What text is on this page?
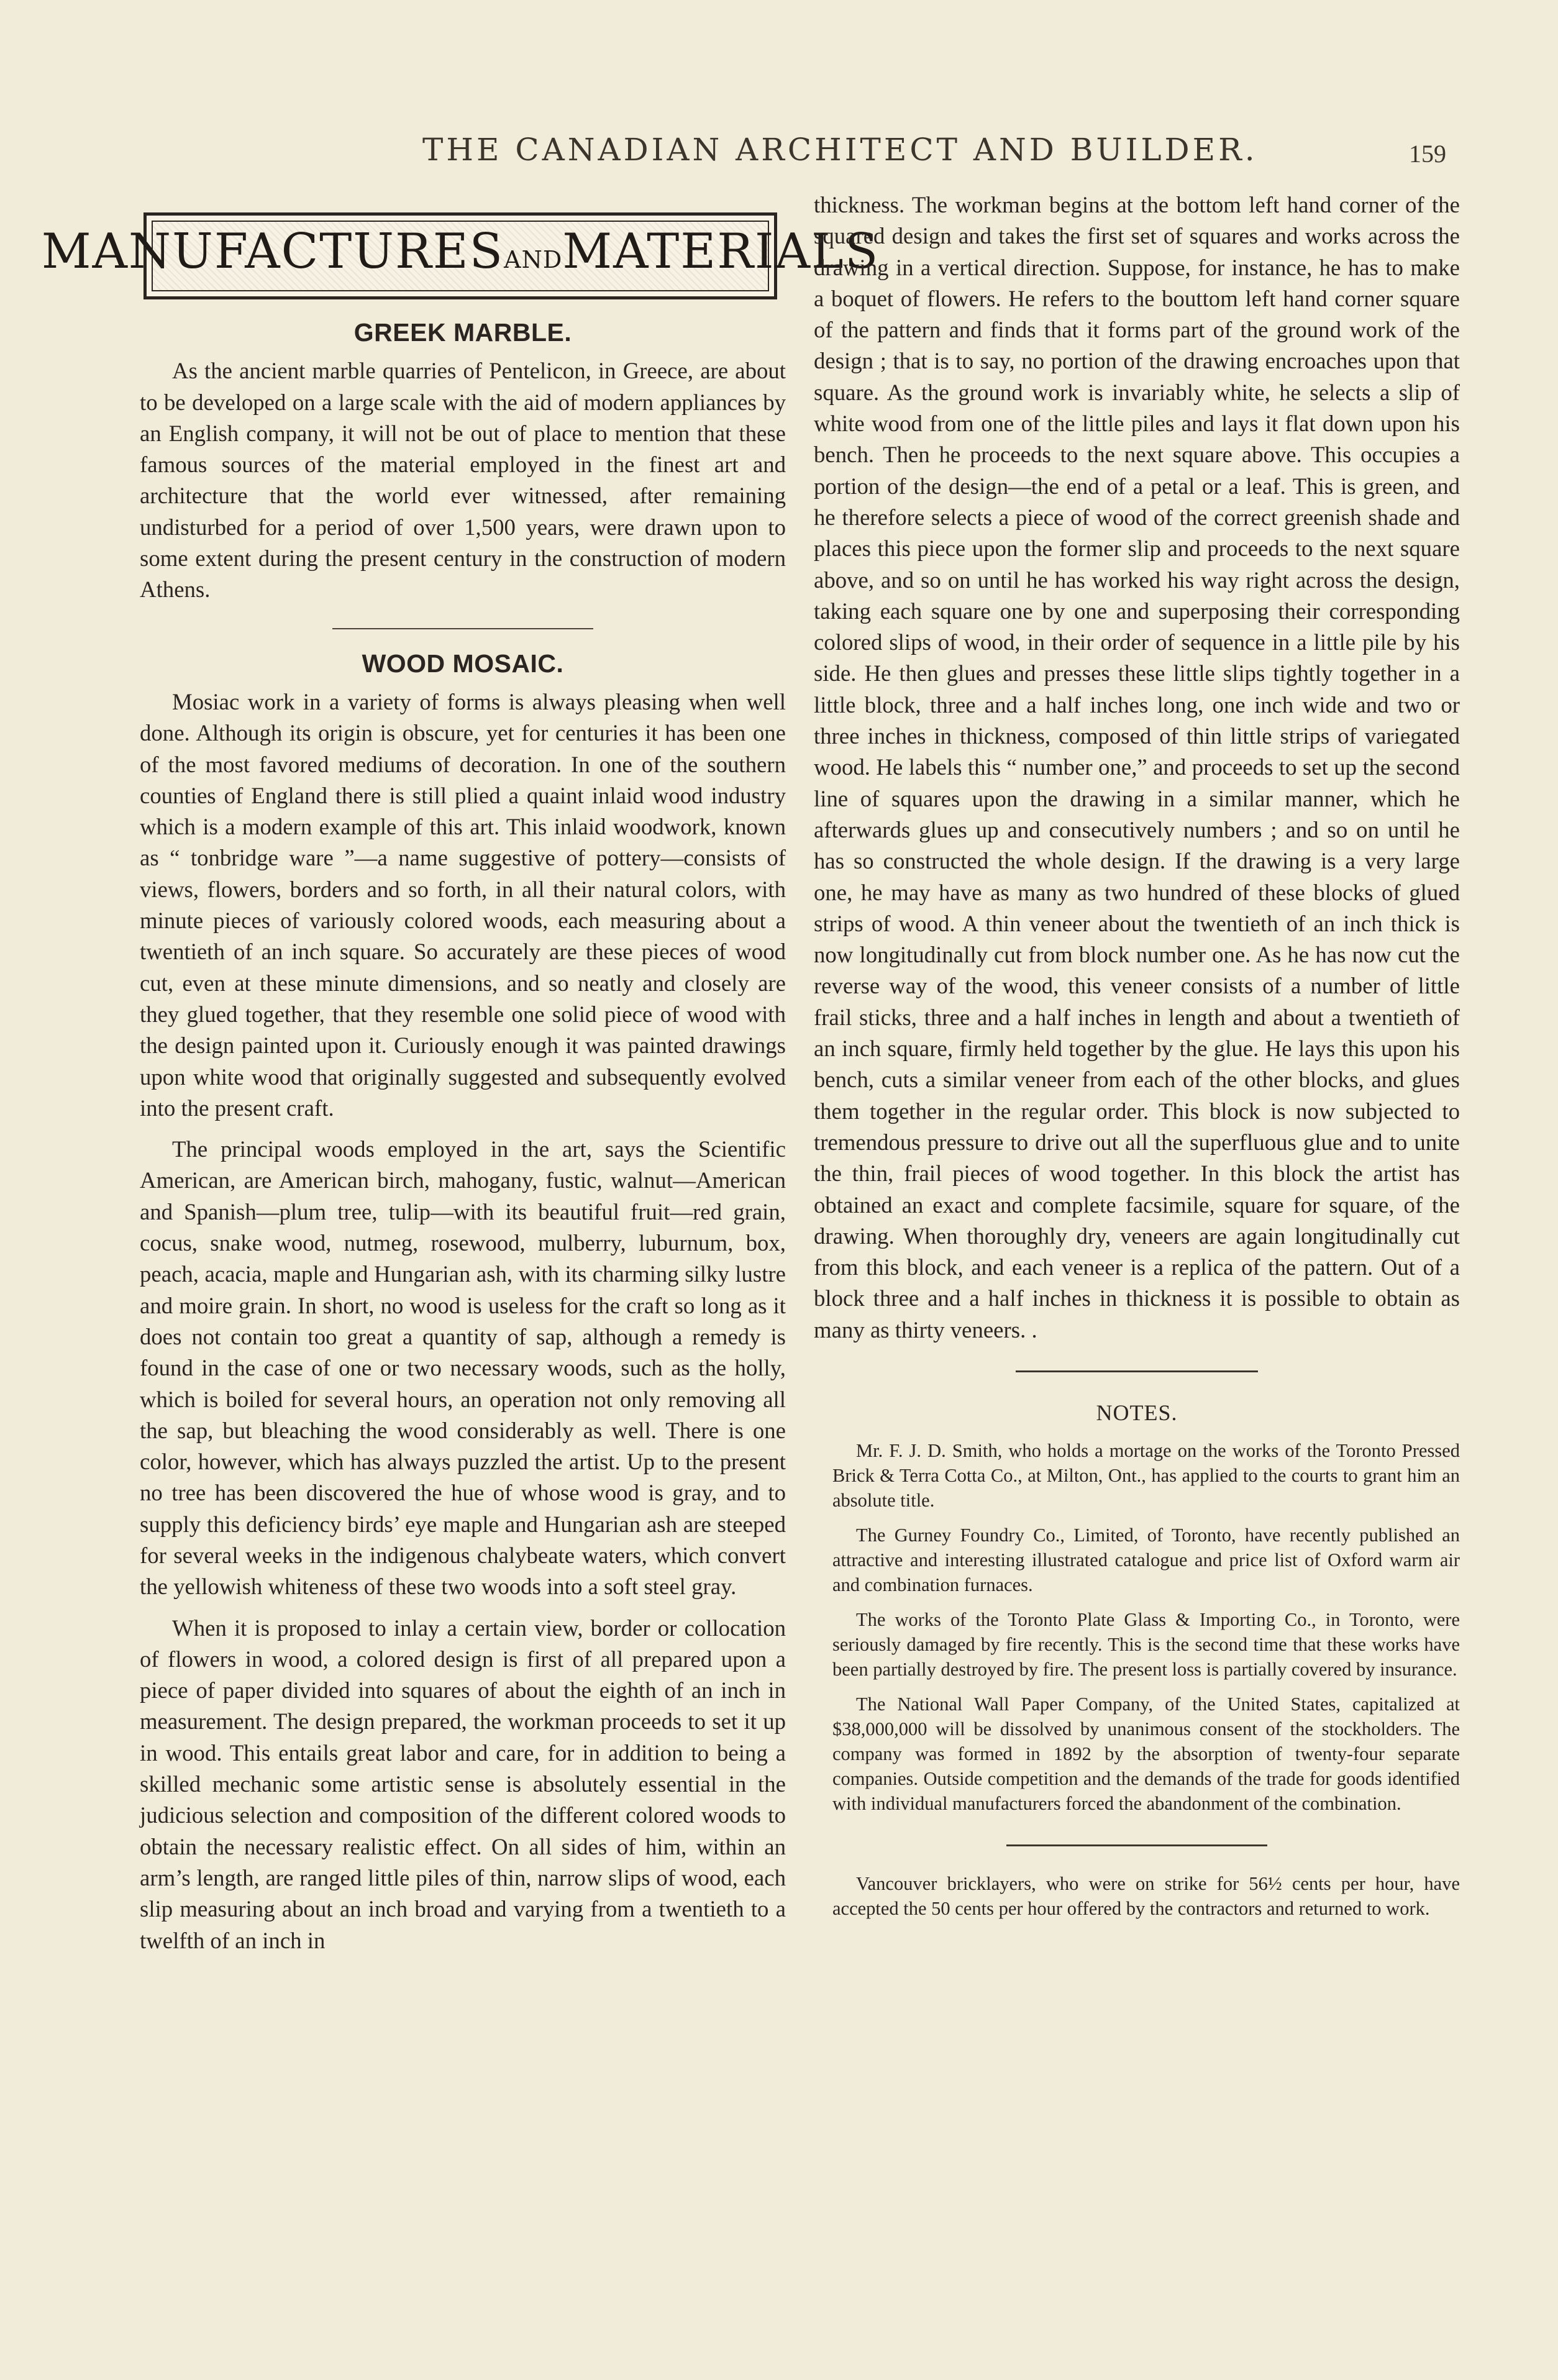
THE CANADIAN ARCHITECT AND BUILDER.	159
MANUFACTURESANDMATERIALS
GREEK MARBLE.

As the ancient marble quarries of Pentelicon, in Greece, are about to be developed on a large scale with the aid of modern appliances by an English company, it will not be out of place to mention that these famous sources of the material employed in the finest art and architecture that the world ever witnessed, after remaining undisturbed for a period of over 1,500 years, were drawn upon to some extent during the present century in the construction of modern Athens.

WOOD MOSAIC.

Mosiac work in a variety of forms is always pleasing when well done. Although its origin is obscure, yet for centuries it has been one of the most favored mediums of decoration. In one of the southern counties of England there is still plied a quaint inlaid wood industry which is a modern example of this art. This inlaid woodwork, known as “ tonbridge ware ”—a name suggestive of pottery—consists of views, flowers, borders and so forth, in all their natural colors, with minute pieces of variously colored woods, each measuring about a twentieth of an inch square. So accurately are these pieces of wood cut, even at these minute dimensions, and so neatly and closely are they glued together, that they resemble one solid piece of wood with the design painted upon it. Curiously enough it was painted drawings upon white wood that originally suggested and subsequently evolved into the present craft.

The principal woods employed in the art, says the Scientific American, are American birch, mahogany, fustic, walnut—American and Spanish—plum tree, tulip—with its beautiful fruit—red grain, cocus, snake wood, nutmeg, rosewood, mulberry, luburnum, box, peach, acacia, maple and Hungarian ash, with its charming silky lustre and moire grain. In short, no wood is useless for the craft so long as it does not contain too great a quantity of sap, although a remedy is found in the case of one or two necessary woods, such as the holly, which is boiled for several hours, an operation not only removing all the sap, but bleaching the wood considerably as well. There is one color, however, which has always puzzled the artist. Up to the present no tree has been discovered the hue of whose wood is gray, and to supply this deficiency birds’ eye maple and Hungarian ash are steeped for several weeks in the indigenous chalybeate waters, which convert the yellowish whiteness of these two woods into a soft steel gray.

When it is proposed to inlay a certain view, border or collocation of flowers in wood, a colored design is first of all prepared upon a piece of paper divided into squares of about the eighth of an inch in measurement. The design prepared, the workman proceeds to set it up in wood. This entails great labor and care, for in addition to being a skilled mechanic some artistic sense is absolutely essential in the judicious selection and composition of the different colored woods to obtain the necessary realistic effect. On all sides of him, within an arm’s length, are ranged little piles of thin, narrow slips of wood, each slip measuring about an inch broad and varying from a twentieth to a twelfth of an inch in

thickness. The workman begins at the bottom left hand corner of the squared design and takes the first set of squares and works across the drawing in a vertical direction. Suppose, for instance, he has to make a boquet of flowers. He refers to the bouttom left hand corner square of the pattern and finds that it forms part of the ground work of the design ; that is to say, no portion of the drawing encroaches upon that square. As the ground work is invariably white, he selects a slip of white wood from one of the little piles and lays it flat down upon his bench. Then he proceeds to the next square above. This occupies a portion of the design—the end of a petal or a leaf. This is green, and he therefore selects a piece of wood of the correct greenish shade and places this piece upon the former slip and proceeds to the next square above, and so on until he has worked his way right across the design, taking each square one by one and superposing their corresponding colored slips of wood, in their order of sequence in a little pile by his side. He then glues and presses these little slips tightly together in a little block, three and a half inches long, one inch wide and two or three inches in thickness, composed of thin little strips of variegated wood. He labels this “ number one,” and proceeds to set up the second line of squares upon the drawing in a similar manner, which he afterwards glues up and consecutively numbers ; and so on until he has so constructed the whole design. If the drawing is a very large one, he may have as many as two hundred of these blocks of glued strips of wood. A thin veneer about the twentieth of an inch thick is now longitudinally cut from block number one. As he has now cut the reverse way of the wood, this veneer consists of a number of little frail sticks, three and a half inches in length and about a twentieth of an inch square, firmly held together by the glue. He lays this upon his bench, cuts a similar veneer from each of the other blocks, and glues them together in the regular order. This block is now subjected to tremendous pressure to drive out all the superfluous glue and to unite the thin, frail pieces of wood together. In this block the artist has obtained an exact and complete facsimile, square for square, of the drawing. When thoroughly dry, veneers are again longitudinally cut from this block, and each veneer is a replica of the pattern. Out of a block three and a half inches in thickness it is possible to obtain as many as thirty veneers. .

NOTES.

Mr. F. J. D. Smith, who holds a mortage on the works of the Toronto Pressed Brick & Terra Cotta Co., at Milton, Ont., has applied to the courts to grant him an absolute title.

The Gurney Foundry Co., Limited, of Toronto, have recently published an attractive and interesting illustrated catalogue and price list of Oxford warm air and combination furnaces.

The works of the Toronto Plate Glass & Importing Co., in Toronto, were seriously damaged by fire recently. This is the second time that these works have been partially destroyed by fire. The present loss is partially covered by insurance.

The National Wall Paper Company, of the United States, capitalized at $38,000,000 will be dissolved by unanimous consent of the stockholders. The company was formed in 1892 by the absorption of twenty-four separate companies. Outside competition and the demands of the trade for goods identified with individual manufacturers forced the abandonment of the combination.

Vancouver bricklayers, who were on strike for 56½ cents per hour, have accepted the 50 cents per hour offered by the contractors and returned to work.
